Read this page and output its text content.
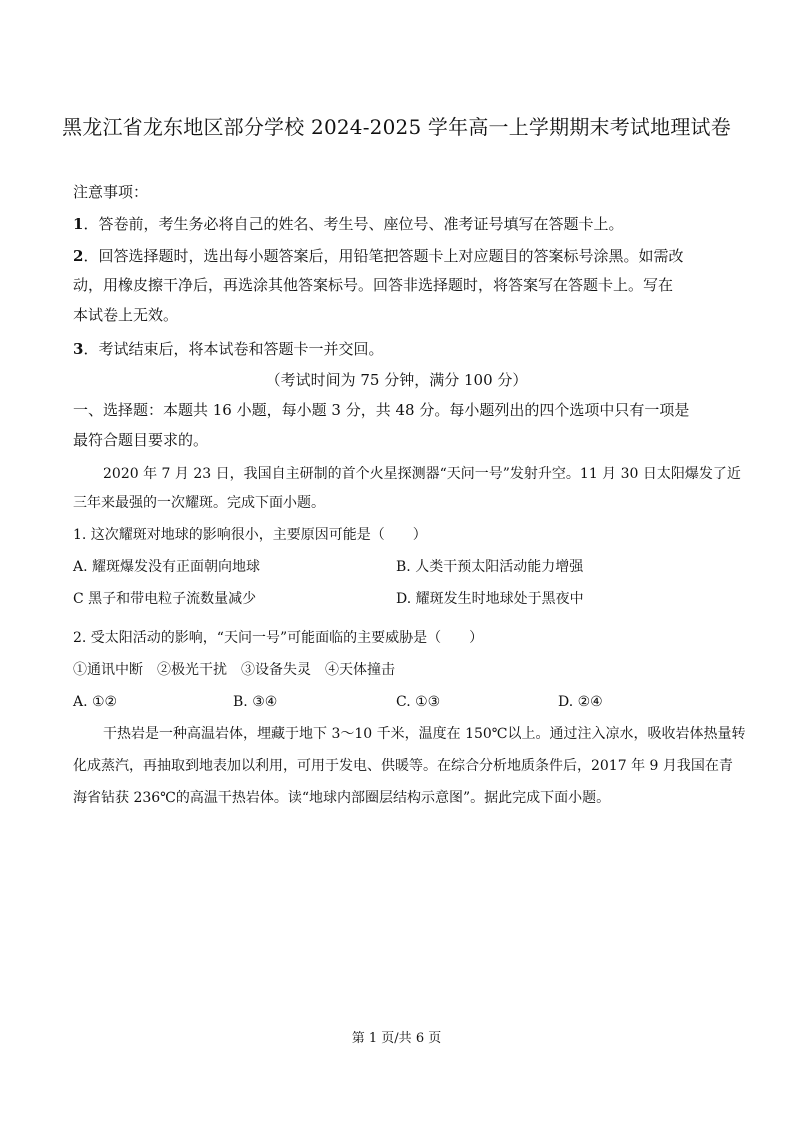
黑龙江省龙东地区部分学校 2024-2025 学年高一上学期期末考试地理试卷
注意事项：
1．答卷前，考生务必将自己的姓名、考生号、座位号、准考证号填写在答题卡上。
2．回答选择题时，选出每小题答案后，用铅笔把答题卡上对应题目的答案标号涂黑。如需改
动，用橡皮擦干净后，再选涂其他答案标号。回答非选择题时，将答案写在答题卡上。写在
本试卷上无效。
3．考试结束后，将本试卷和答题卡一并交回。
（考试时间为 75 分钟，满分 100 分）
一、选择题：本题共 16 小题，每小题 3 分，共 48 分。每小题列出的四个选项中只有一项是
最符合题目要求的。
2020 年 7 月 23 日，我国自主研制的首个火星探测器“天问一号”发射升空。11 月 30 日太阳爆发了近
三年来最强的一次耀斑。完成下面小题。
1. 这次耀斑对地球的影响很小，主要原因可能是（　　）
A. 耀斑爆发没有正面朝向地球	B. 人类干预太阳活动能力增强
C 黑子和带电粒子流数量减少	D. 耀斑发生时地球处于黑夜中
2. 受太阳活动的影响，“天问一号”可能面临的主要威胁是（　　）
①通讯中断　②极光干扰　③设备失灵　④天体撞击
A. ①②	B. ③④	C. ①③	D. ②④
干热岩是一种高温岩体，埋藏于地下 3～10 千米，温度在 150℃以上。通过注入凉水，吸收岩体热量转
化成蒸汽，再抽取到地表加以利用，可用于发电、供暖等。在综合分析地质条件后，2017 年 9 月我国在青
海省钻获 236℃的高温干热岩体。读“地球内部圈层结构示意图”。据此完成下面小题。
第 1 页/共 6 页
